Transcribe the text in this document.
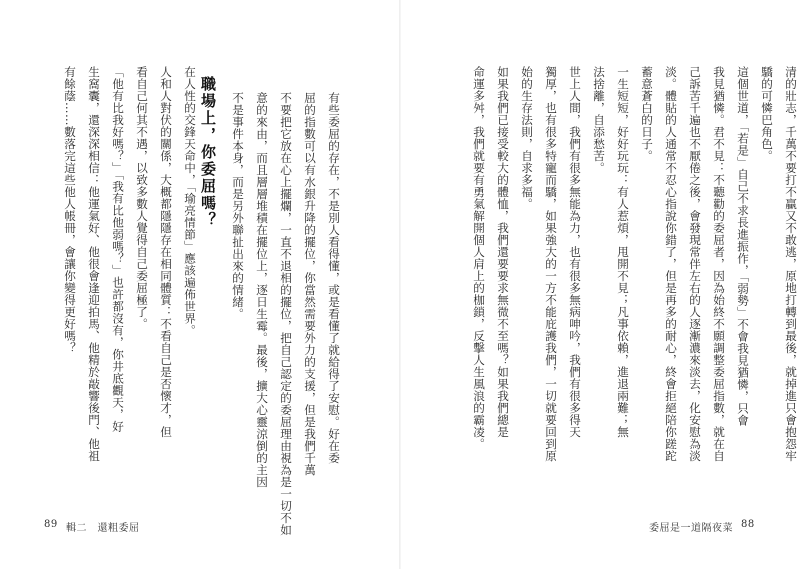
有餘蔭……數落完這些他人帳冊，會讓你變得更好嗎？ 生窩囊，還深深相信：他運氣好、他很會逢迎拍馬、他精於敲響後門、他祖 「他有比我好嗎？」「我有比他弱嗎？」也許都沒有，你井底觀天，好 看自己何其不遇，以致多數人覺得自己委屈極了。 人和人對伏的關係，大概都隱隱存在相同體質：不看自己是否懷才，但 在人性的交鋒天命中，「瑜亮情節」應該遍佈世界。 職場上，你委屈嗎？ 不是事件本身，而是另外聯扯出來的情緒。 意的來由，而且層層堆積在擺位上，逐日生霉。最後，擴大心靈涼倒的主因 不要把它放在心上擺爛，一直不退相的擺位，把自己認定的委屈理由視為是一切不如 屈的指數可以有水銀升降的擺位，你當然需要外力的支援，但是我們千萬 有些委屈的存在，不是別人看得懂，或是看懂了就給得了安慰。好在委
89 輯二　還粗委屈
命運多舛，我們就要有勇氣解開個人肩上的枷鎖，反擊人生風浪的霸凌。 如果我們已接受較大的體恤，我們還要要求無微不至嗎？如果我們總是 始的生存法則，自求多福。 獨厚，也有很多特寵而驕，如果強大的一方不能庇護我們，一切就要回到原 世上人間，我們有很多無能為力，也有很多無病呻吟，我們有很多得天 法捨離，自添愁苦。 一生短短，好好玩玩：有人惹煩，甩開不見；凡事依賴，進退兩難；無 蓄意蒼白的日子。 淡。體貼的人通常不忍心指說你錯了，但是再多的耐心，終會拒絕陪你蹉跎 己訴苦千遍也不厭倦之後，會發現常伴左右的人逐漸濃來淡去，化安慰為淡 我見猶憐。君不見：不聽勸的委屈者，因為始終不願調整委屈指數，就在自 這個世道，「若是」自己不求長進振作，「弱勢」不會我見猶憐，只會 驕的可憐巴角色。 清的壯志，千萬不要打不贏又不敢逃，原地打轉到最後，就掉進只會抱怨牢
委屈是一道隔夜菜 88
